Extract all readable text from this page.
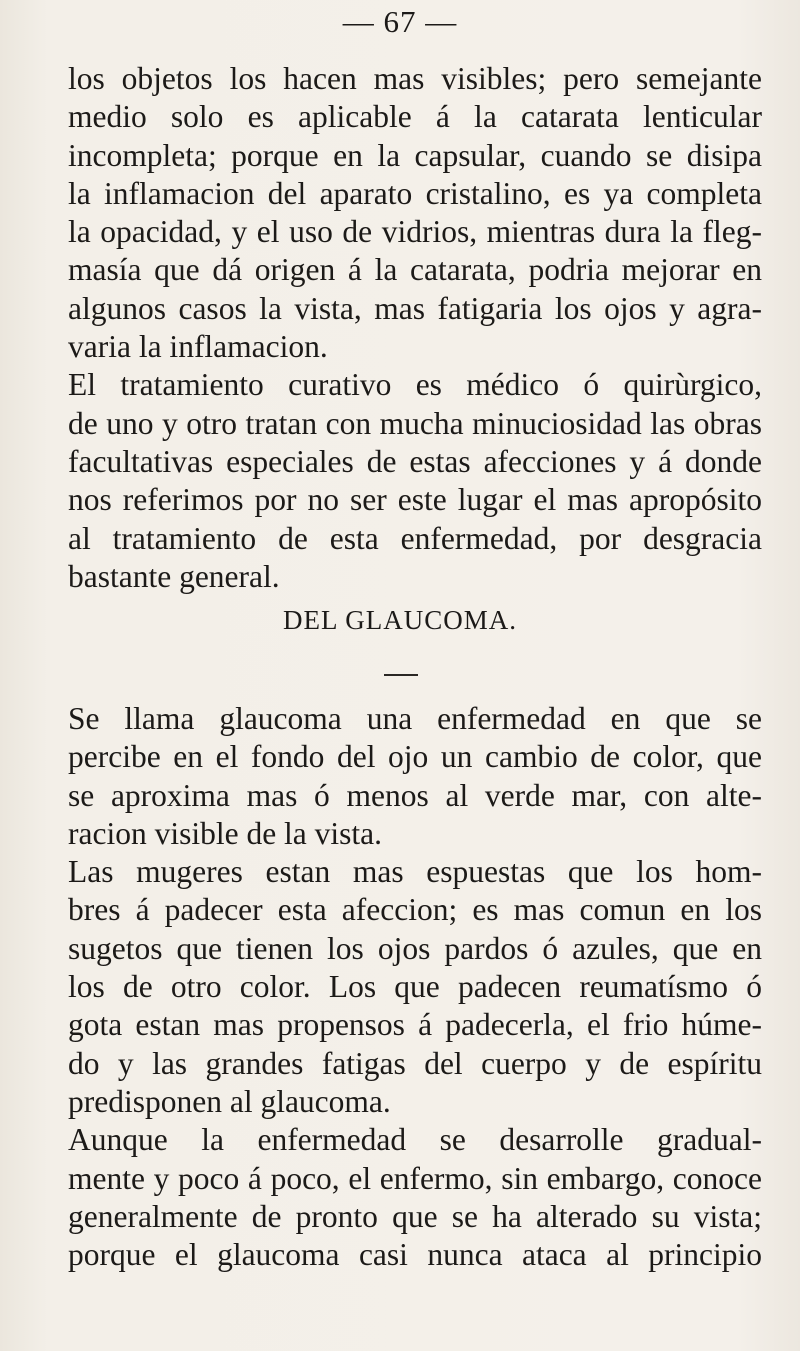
— 67 —

los objetos los hacen mas visibles; pero semejante
medio solo es aplicable á la catarata lenticular
incompleta; porque en la capsular, cuando se disipa
la inflamacion del aparato cristalino, es ya completa
la opacidad, y el uso de vidrios, mientras dura la fleg-
masía que dá origen á la catarata, podria mejorar en
algunos casos la vista, mas fatigaria los ojos y agra-
varia la inflamacion.

El tratamiento curativo es médico ó quirùrgico,
de uno y otro tratan con mucha minuciosidad las obras
facultativas especiales de estas afecciones y á donde
nos referimos por no ser este lugar el mas apropósito
al tratamiento de esta enfermedad, por desgracia
bastante general.

DEL GLAUCOMA.

Se llama glaucoma una enfermedad en que se
percibe en el fondo del ojo un cambio de color, que
se aproxima mas ó menos al verde mar, con alte-
racion visible de la vista.

Las mugeres estan mas espuestas que los hom-
bres á padecer esta afeccion; es mas comun en los
sugetos que tienen los ojos pardos ó azules, que en
los de otro color. Los que padecen reumatísmo ó
gota estan mas propensos á padecerla, el frio húme-
do y las grandes fatigas del cuerpo y de espíritu
predisponen al glaucoma.

Aunque la enfermedad se desarrolle gradual-
mente y poco á poco, el enfermo, sin embargo, conoce
generalmente de pronto que se ha alterado su vista;
porque el glaucoma casi nunca ataca al principio
